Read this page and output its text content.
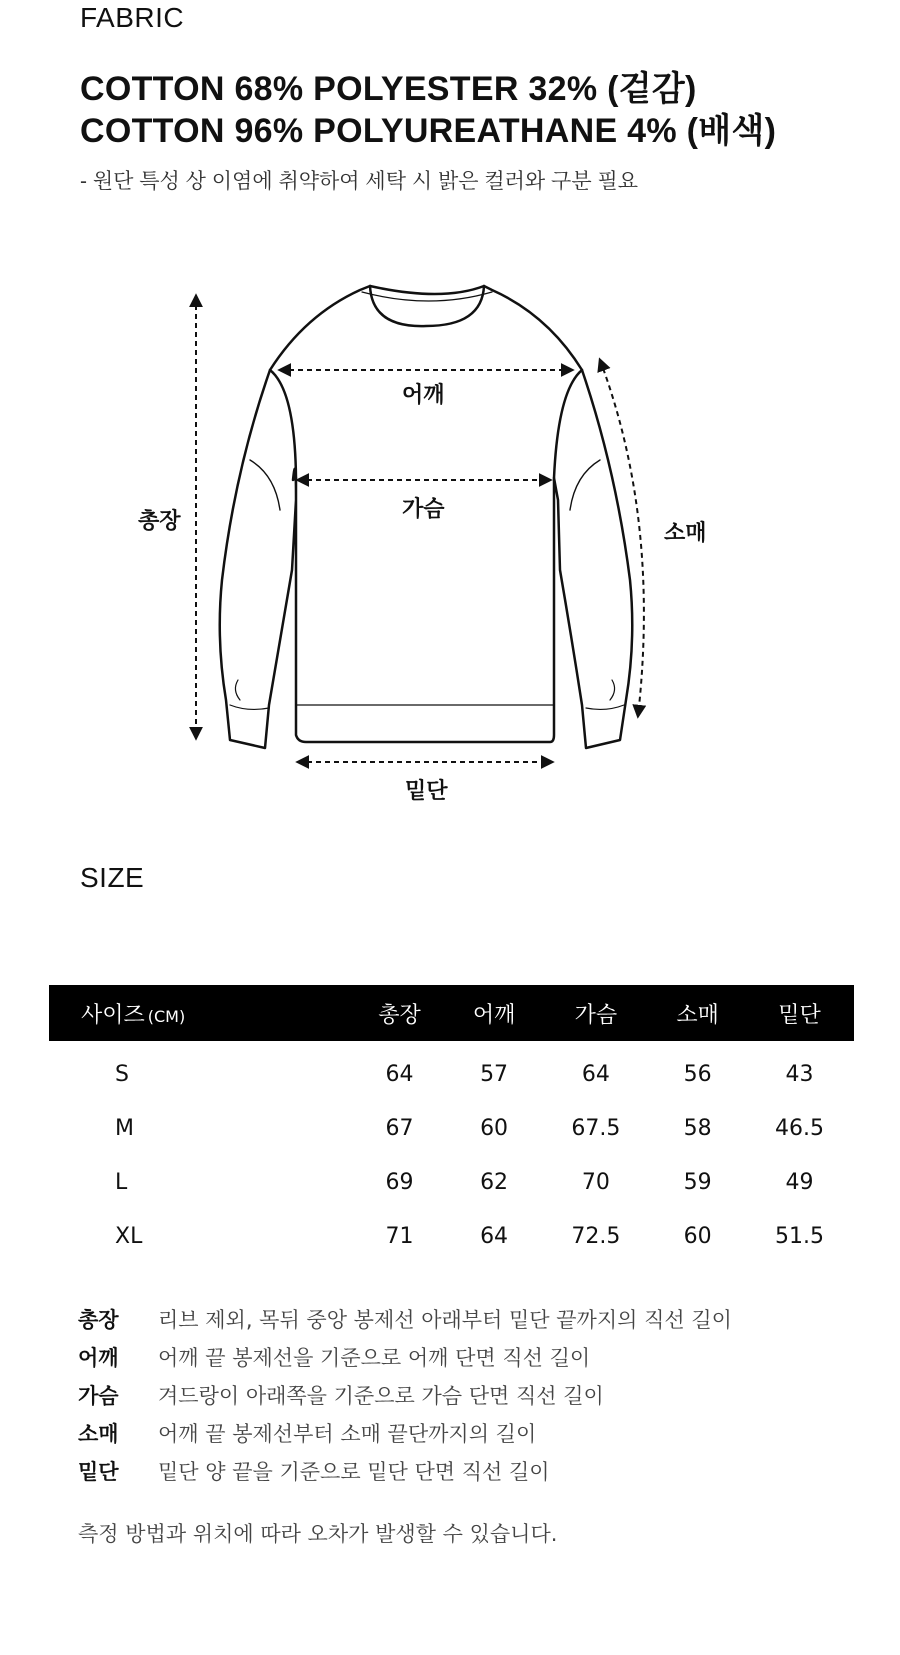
FABRIC
COTTON 68% POLYESTER 32% (겉감)
COTTON 96% POLYUREATHANE 4% (배색)
- 원단 특성 상 이염에 취약하여 세탁 시 밝은 컬러와 구분 필요
어깨
가슴
총장	소매
밑단
SIZE
사이즈 (CM)	총장	어깨	가슴	소매	밑단
S	64	57	64	56	43
M	67	60	67.5	58	46.5
L	69	62	70	59	49
XL	71	64	72.5	60	51.5
총장	리브 제외, 목뒤 중앙 봉제선 아래부터 밑단 끝까지의 직선 길이
어깨	어깨 끝 봉제선을 기준으로 어깨 단면 직선 길이
가슴	겨드랑이 아래쪽을 기준으로 가슴 단면 직선 길이
소매	어깨 끝 봉제선부터 소매 끝단까지의 길이
밑단	밑단 양 끝을 기준으로 밑단 단면 직선 길이
측정 방법과 위치에 따라 오차가 발생할 수 있습니다.
